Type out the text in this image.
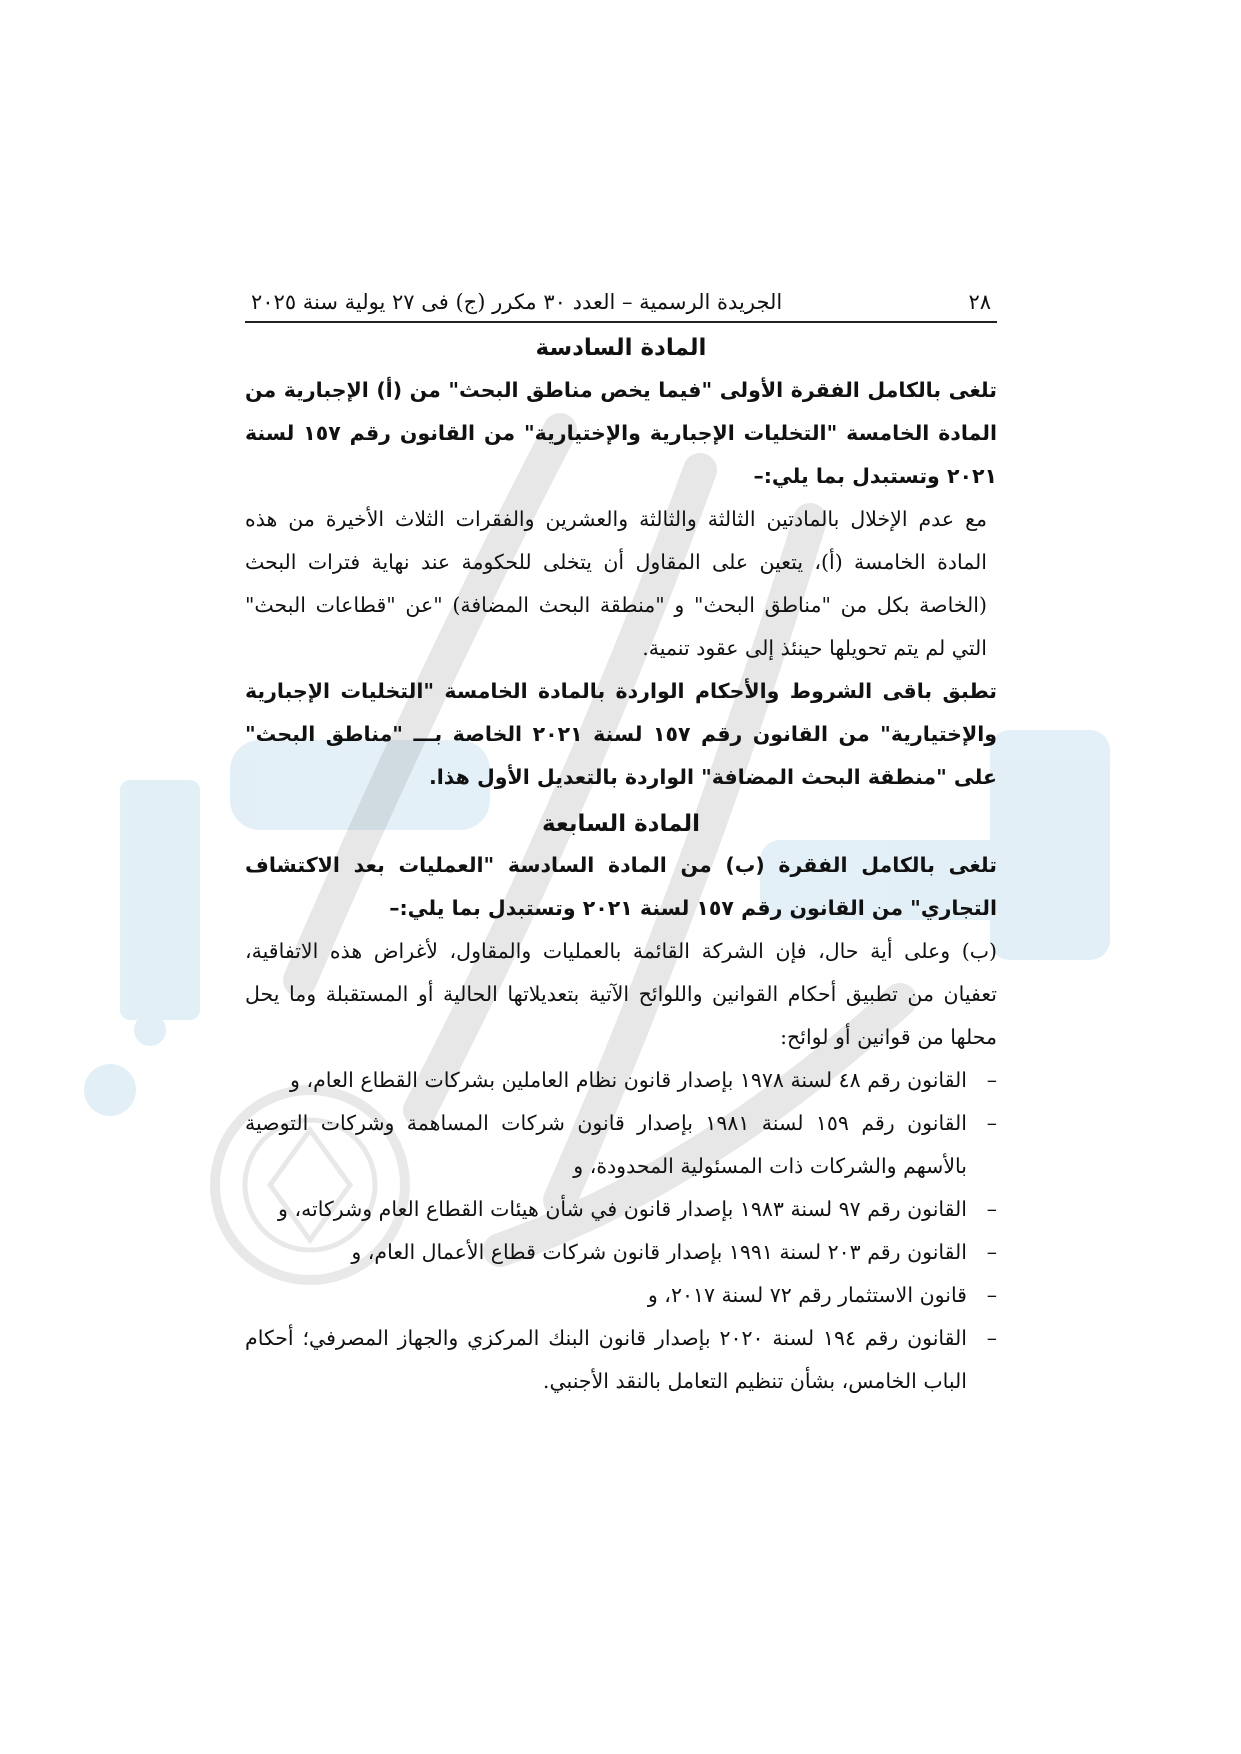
٢٨
الجريدة الرسمية – العدد ٣٠ مكرر (ج) فى ٢٧ يولية سنة ٢٠٢٥
المادة السادسة

تلغى بالكامل الفقرة الأولى "فيما يخص مناطق البحث" من (أ) الإجبارية من المادة الخامسة "التخليات الإجبارية والإختيارية" من القانون رقم ١٥٧ لسنة ٢٠٢١ وتستبدل بما يلي:–

مع عدم الإخلال بالمادتين الثالثة والثالثة والعشرين والفقرات الثلاث الأخيرة من هذه المادة الخامسة (أ)، يتعين على المقاول أن يتخلى للحكومة عند نهاية فترات البحث (الخاصة بكل من "مناطق البحث" و "منطقة البحث المضافة) "عن "قطاعات البحث" التي لم يتم تحويلها حينئذ إلى عقود تنمية.

تطبق باقى الشروط والأحكام الواردة بالمادة الخامسة "التخليات الإجبارية والإختيارية" من القانون رقم ١٥٧ لسنة ٢٠٢١ الخاصة بـــ "مناطق البحث" على "منطقة البحث المضافة" الواردة بالتعديل الأول هذا.

المادة السابعة

تلغى بالكامل الفقرة (ب) من المادة السادسة "العمليات بعد الاكتشاف التجاري" من القانون رقم ١٥٧ لسنة ٢٠٢١ وتستبدل بما يلي:–

(ب) وعلى أية حال، فإن الشركة القائمة بالعمليات والمقاول، لأغراض هذه الاتفاقية، تعفيان من تطبيق أحكام القوانين واللوائح الآتية بتعديلاتها الحالية أو المستقبلة وما يحل محلها من قوانين أو لوائح:

–
القانون رقم ٤٨ لسنة ١٩٧٨ بإصدار قانون نظام العاملين بشركات القطاع العام، و
–
القانون رقم ١٥٩ لسنة ١٩٨١ بإصدار قانون شركات المساهمة وشركات التوصية بالأسهم والشركات ذات المسئولية المحدودة، و
–
القانون رقم ٩٧ لسنة ١٩٨٣ بإصدار قانون في شأن هيئات القطاع العام وشركاته، و
–
القانون رقم ٢٠٣ لسنة ١٩٩١ بإصدار قانون شركات قطاع الأعمال العام، و
–
قانون الاستثمار رقم ٧٢ لسنة ٢٠١٧، و
–
القانون رقم ١٩٤ لسنة ٢٠٢٠ بإصدار قانون البنك المركزي والجهاز المصرفي؛ أحكام الباب الخامس، بشأن تنظيم التعامل بالنقد الأجنبي.
